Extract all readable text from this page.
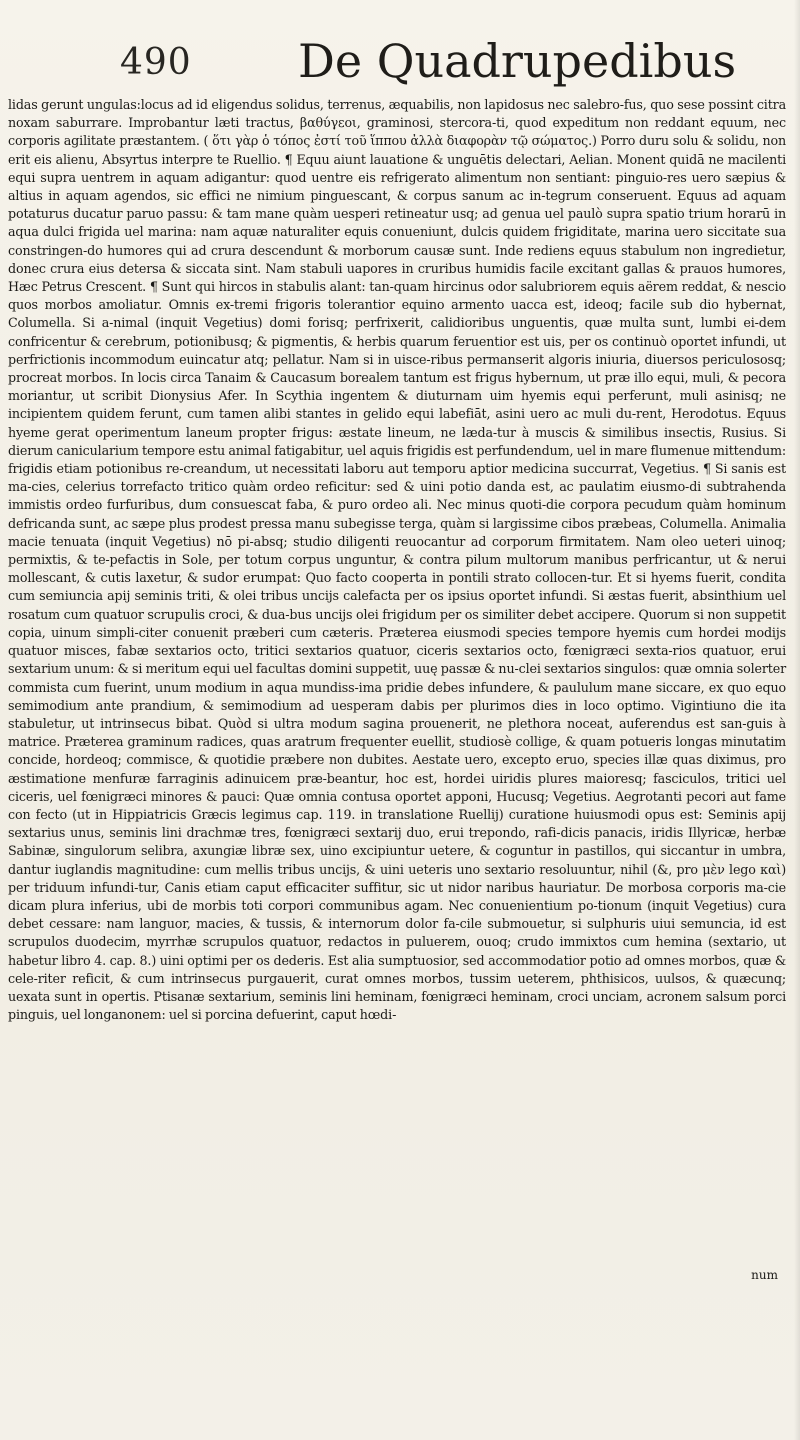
490 De Quadrupedibus

lidas gerunt ungulas:locus ad id eligendus solidus, terrenus, æquabilis, non lapidosus nec salebro-fus, quo sese possint citra noxam saburrare. Improbantur læti tractus, βαθύγεοι, graminosi, stercora-ti, quod expeditum non reddant equum, nec corporis agilitate præstantem. ( ὅτι γὰρ ὁ τόπος ἐστί τοῦ ἵππου ἀλλὰ διαφορὰν τῷ σώματος.) Porro duru solu & solidu, non erit eis alienu, Absyrtus interpre te Ruellio. ¶ Equu aiunt lauatione & unguētis delectari, Aelian. Monent quidā ne macilenti equi supra uentrem in aquam adigantur: quod uentre eis refrigerato alimentum non sentiant: pinguio-res uero sæpius & altius in aquam agendos, sic effici ne nimium pinguescant, & corpus sanum ac in-tegrum conseruent. Equus ad aquam potaturus ducatur paruo passu: & tam mane quàm uesperi retineatur usq; ad genua uel paulò supra spatio trium horarū in aqua dulci frigida uel marina: nam aquæ naturaliter equis conueniunt, dulcis quidem frigiditate, marina uero siccitate sua constringen-do humores qui ad crura descendunt & morborum causæ sunt. Inde rediens equus stabulum non ingredietur, donec crura eius detersa & siccata sint. Nam stabuli uapores in cruribus humidis facile excitant gallas & prauos humores, Hæc Petrus Crescent. ¶ Sunt qui hircos in stabulis alant: tan-quam hircinus odor salubriorem equis aërem reddat, & nescio quos morbos amoliatur. Omnis ex-tremi frigoris tolerantior equino armento uacca est, ideoq; facile sub dio hybernat, Columella. Si a-nimal (inquit Vegetius) domi forisq; perfrixerit, calidioribus unguentis, quæ multa sunt, lumbi ei-dem confricentur & cerebrum, potionibusq; & pigmentis, & herbis quarum feruentior est uis, per os continuò oportet infundi, ut perfrictionis incommodum euincatur atq; pellatur. Nam si in uisce-ribus permanserit algoris iniuria, diuersos periculososq; procreat morbos. In locis circa Tanaim & Caucasum borealem tantum est frigus hybernum, ut præ illo equi, muli, & pecora moriantur, ut scribit Dionysius Afer. In Scythia ingentem & diuturnam uim hyemis equi perferunt, muli asinisq; ne incipientem quidem ferunt, cum tamen alibi stantes in gelido equi labefiāt, asini uero ac muli du-rent, Herodotus. Equus hyeme gerat operimentum laneum propter frigus: æstate lineum, ne læda-tur à muscis & similibus insectis, Rusius. Si dierum canicularium tempore estu animal fatigabitur, uel aquis frigidis est perfundendum, uel in mare flumenue mittendum: frigidis etiam potionibus re-creandum, ut necessitati laboru aut temporu aptior medicina succurrat, Vegetius. ¶ Si sanis est ma-cies, celerius torrefacto tritico quàm ordeo reficitur: sed & uini potio danda est, ac paulatim eiusmo-di subtrahenda immistis ordeo furfuribus, dum consuescat faba, & puro ordeo ali. Nec minus quoti-die corpora pecudum quàm hominum defricanda sunt, ac sæpe plus prodest pressa manu subegisse terga, quàm si largissime cibos præbeas, Columella. Animalia macie tenuata (inquit Vegetius) nō pi-absq; studio diligenti reuocantur ad corporum firmitatem. Nam oleo ueteri uinoq; permixtis, & te-pefactis in Sole, per totum corpus unguntur, & contra pilum multorum manibus perfricantur, ut & nerui mollescant, & cutis laxetur, & sudor erumpat: Quo facto cooperta in pontili strato collocen-tur. Et si hyems fuerit, condita cum semiuncia apij seminis triti, & olei tribus uncijs calefacta per os ipsius oportet infundi. Si æstas fuerit, absinthium uel rosatum cum quatuor scrupulis croci, & dua-bus uncijs olei frigidum per os similiter debet accipere. Quorum si non suppetit copia, uinum simpli-citer conuenit præberi cum cæteris. Præterea eiusmodi species tempore hyemis cum hordei modijs quatuor misces, fabæ sextarios octo, tritici sextarios quatuor, ciceris sextarios octo, fœnigræci sexta-rios quatuor, erui sextarium unum: & si meritum equi uel facultas domini suppetit, uuę passæ & nu-clei sextarios singulos: quæ omnia solerter commista cum fuerint, unum modium in aqua mundiss-ima pridie debes infundere, & paululum mane siccare, ex quo equo semimodium ante prandium, & semimodium ad uesperam dabis per plurimos dies in loco optimo. Vigintiuno die ita stabuletur, ut intrinsecus bibat. Quòd si ultra modum sagina prouenerit, ne plethora noceat, auferendus est san-guis à matrice. Præterea graminum radices, quas aratrum frequenter euellit, studiosè collige, & quam potueris longas minutatim concide, hordeoq; commisce, & quotidie præbere non dubites. Aestate uero, excepto eruo, species illæ quas diximus, pro æstimatione menfuræ farraginis adinuicem præ-beantur, hoc est, hordei uiridis plures maioresq; fasciculos, tritici uel ciceris, uel fœnigræci minores & pauci: Quæ omnia contusa oportet apponi, Hucusq; Vegetius. Aegrotanti pecori aut fame con fecto (ut in Hippiatricis Græcis legimus cap. 119. in translatione Ruellij) curatione huiusmodi opus est: Seminis apij sextarius unus, seminis lini drachmæ tres, fœnigræci sextarij duo, erui trepondo, rafi-dicis panacis, iridis Illyricæ, herbæ Sabinæ, singulorum selibra, axungiæ libræ sex, uino excipiuntur uetere, & coguntur in pastillos, qui siccantur in umbra, dantur iuglandis magnitudine: cum mellis tribus uncijs, & uini ueteris uno sextario resoluuntur, nihil (&, pro μὲν lego καὶ) per triduum infundi-tur, Canis etiam caput efficaciter suffitur, sic ut nidor naribus hauriatur. De morbosa corporis ma-cie dicam plura inferius, ubi de morbis toti corpori communibus agam. Nec conuenientium po-tionum (inquit Vegetius) cura debet cessare: nam languor, macies, & tussis, & internorum dolor fa-cile submouetur, si sulphuris uiui semuncia, id est scrupulos duodecim, myrrhæ scrupulos quatuor, redactos in puluerem, ouoq; crudo immixtos cum hemina (sextario, ut habetur libro 4. cap. 8.) uini optimi per os dederis. Est alia sumptuosior, sed accommodatior potio ad omnes morbos, quæ & cele-riter reficit, & cum intrinsecus purgauerit, curat omnes morbos, tussim ueterem, phthisicos, uulsos, & quæcunq; uexata sunt in opertis. Ptisanæ sextarium, seminis lini heminam, fœnigræci heminam, croci unciam, acronem salsum porci pinguis, uel longanonem: uel si porcina defuerint, caput hœdi-

num
